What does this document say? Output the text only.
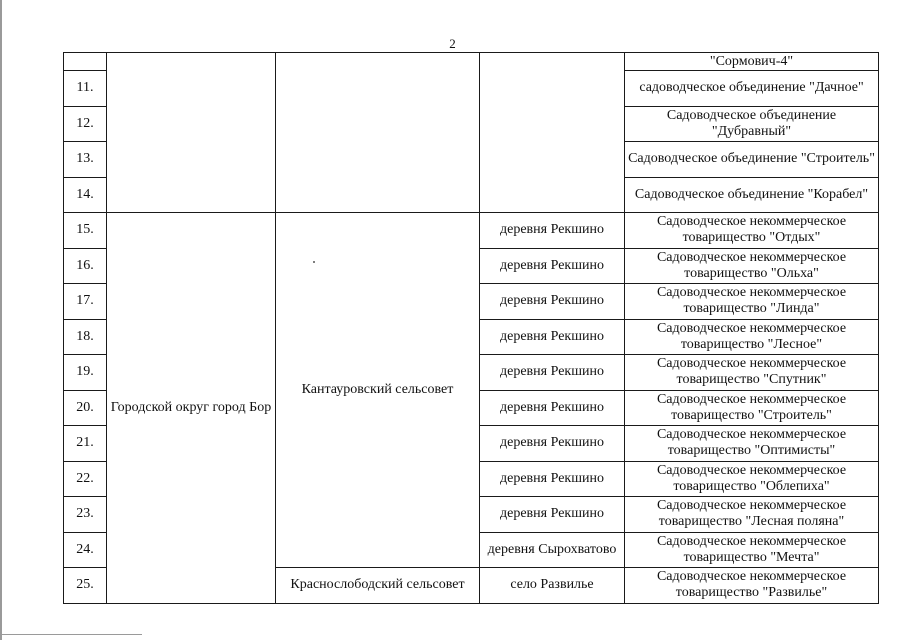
2
				"Сормович-4"
11.				садоводческое объединение "Дачное"
12.				Садоводческое объединение "Дубравный"
13.				Садоводческое объединение "Строитель"
14.				Садоводческое объединение "Корабел"
15.	Городской округ город Бор	Кантауровский сельсовет	деревня Рекшино	Садоводческое некоммерческое товарищество "Отдых"
16.			деревня Рекшино	Садоводческое некоммерческое товарищество "Ольха"
17.			деревня Рекшино	Садоводческое некоммерческое товарищество "Линда"
18.			деревня Рекшино	Садоводческое некоммерческое товарищество "Лесное"
19.			деревня Рекшино	Садоводческое некоммерческое товарищество "Спутник"
20.			деревня Рекшино	Садоводческое некоммерческое товарищество "Строитель"
21.			деревня Рекшино	Садоводческое некоммерческое товарищество "Оптимисты"
22.			деревня Рекшино	Садоводческое некоммерческое товарищество "Облепиха"
23.			деревня Рекшино	Садоводческое некоммерческое товарищество "Лесная поляна"
24.			деревня Сырохватово	Садоводческое некоммерческое товарищество "Мечта"
25.		Краснослободский сельсовет	село Развилье	Садоводческое некоммерческое товарищество "Развилье"
